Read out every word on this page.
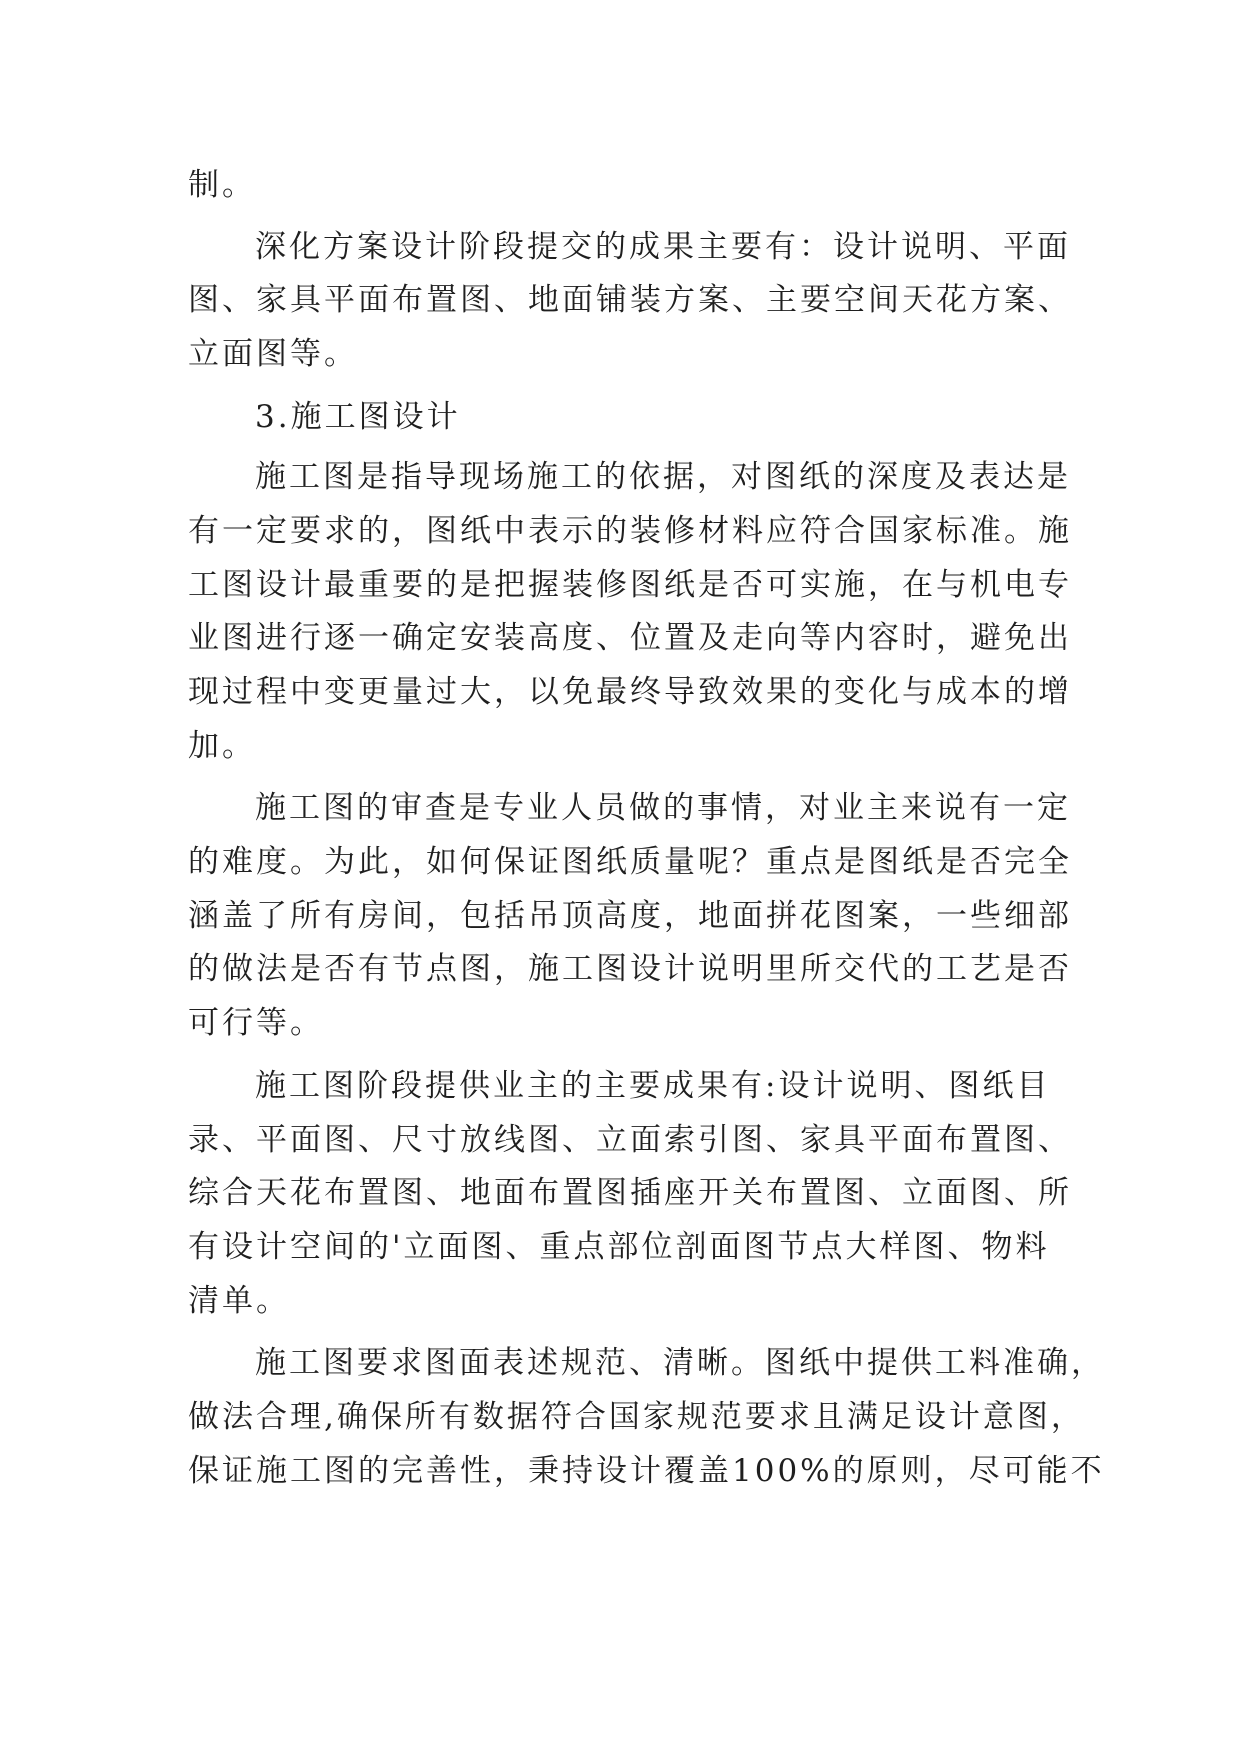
制。
深化方案设计阶段提交的成果主要有：设计说明、平面
图、家具平面布置图、地面铺装方案、主要空间天花方案、
立面图等。
3.施工图设计
施工图是指导现场施工的依据，对图纸的深度及表达是
有一定要求的，图纸中表示的装修材料应符合国家标准。施
工图设计最重要的是把握装修图纸是否可实施，在与机电专
业图进行逐一确定安装高度、位置及走向等内容时，避免出
现过程中变更量过大，以免最终导致效果的变化与成本的增
加。
施工图的审查是专业人员做的事情，对业主来说有一定
的难度。为此，如何保证图纸质量呢？重点是图纸是否完全
涵盖了所有房间，包括吊顶高度，地面拼花图案，一些细部
的做法是否有节点图，施工图设计说明里所交代的工艺是否
可行等。
施工图阶段提供业主的主要成果有:设计说明、图纸目
录、平面图、尺寸放线图、立面索引图、家具平面布置图、
综合天花布置图、地面布置图插座开关布置图、立面图、所
有设计空间的'立面图、重点部位剖面图节点大样图、物料
清单。
施工图要求图面表述规范、清晰。图纸中提供工料准确，
做法合理,确保所有数据符合国家规范要求且满足设计意图，
保证施工图的完善性，秉持设计覆盖100%的原则，尽可能不
